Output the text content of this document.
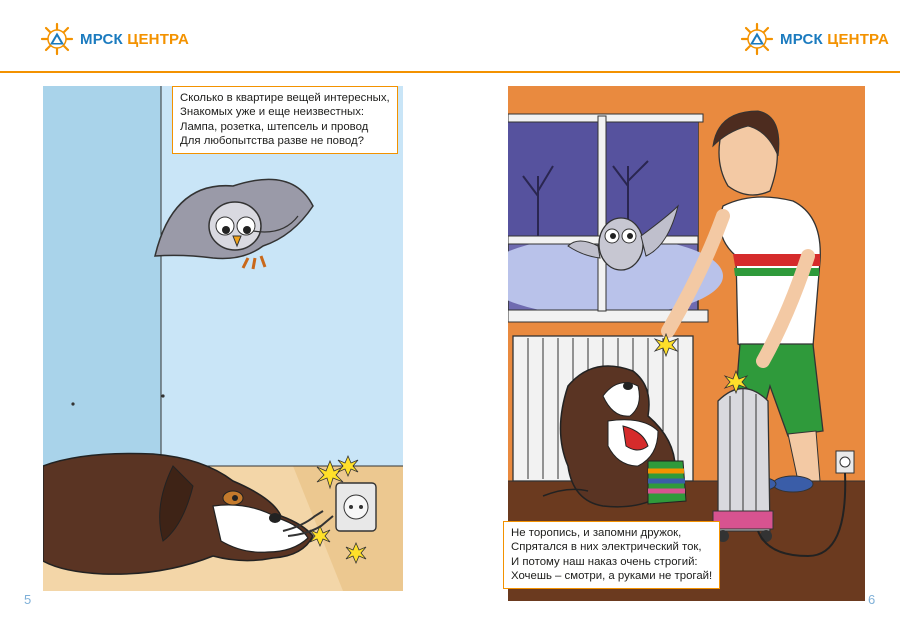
МРСК ЦЕНТРА	МРСК ЦЕНТРА
Сколько в квартире вещей интересных,
Знакомых уже и еще неизвестных:
Лампа, розетка, штепсель и провод
Для любопытства разве не повод?
Не торопись, и запомни дружок,
Спрятался в них электрический ток,
И потому наш наказ очень строгий:
Хочешь – смотри, а руками не трогай!
5	6
